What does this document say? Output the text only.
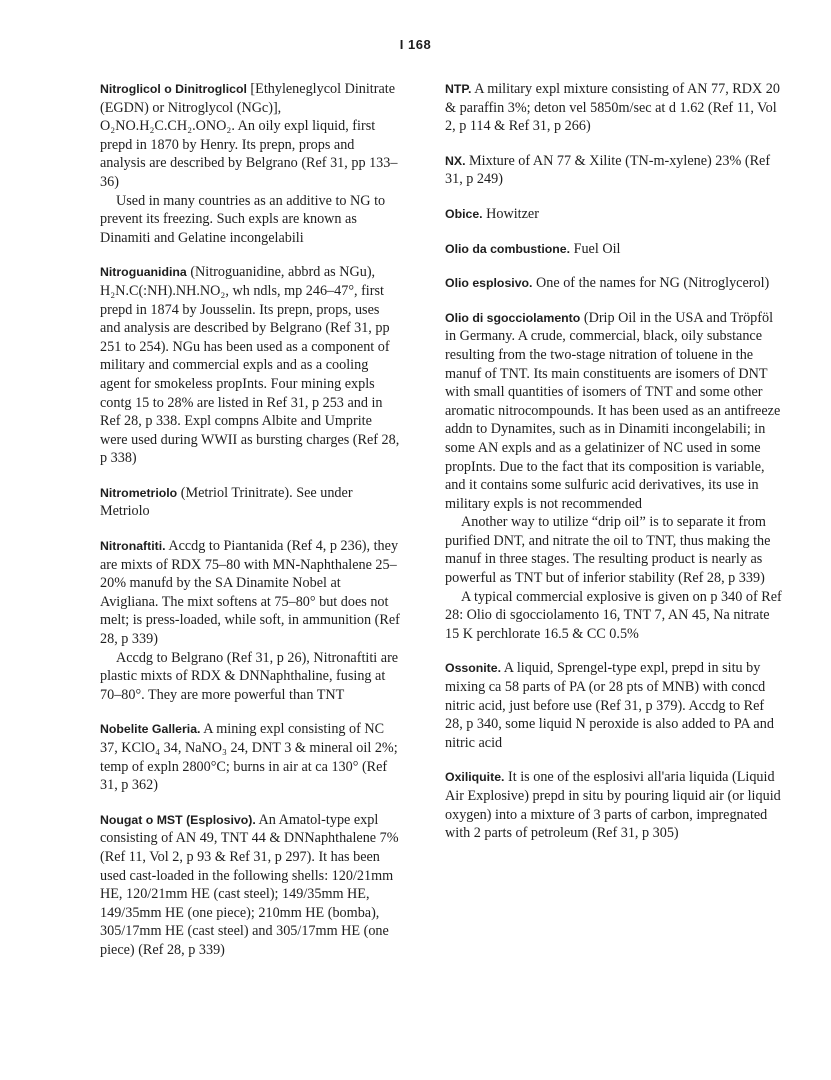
I 168

Nitroglicol o Dinitroglicol [Ethyleneglycol Dinitrate (EGDN) or Nitroglycol (NGc)], O₂NO.H₂C.CH₂.ONO₂. An oily expl liquid, first prepd in 1870 by Henry. Its prepn, props and analysis are described by Belgrano (Ref 31, pp 133–36)

Used in many countries as an additive to NG to prevent its freezing. Such expls are known as Dinamiti and Gelatine incongelabili

Nitroguanidina (Nitroguanidine, abbrd as NGu), H₂N.C(:NH).NH.NO₂, wh ndls, mp 246–47°, first prepd in 1874 by Jousselin. Its prepn, props, uses and analysis are described by Belgrano (Ref 31, pp 251 to 254). NGu has been used as a component of military and commercial expls and as a cooling agent for smokeless propInts. Four mining expls contg 15 to 28% are listed in Ref 31, p 253 and in Ref 28, p 338. Expl compns Albite and Umprite were used during WWII as bursting charges (Ref 28, p 338)

Nitrometriolo (Metriol Trinitrate). See under Metriolo

Nitronaftiti. Accdg to Piantanida (Ref 4, p 236), they are mixts of RDX 75–80 with MN-Naphthalene 25–20% manufd by the SA Dinamite Nobel at Avigliana. The mixt softens at 75–80° but does not melt; is press-loaded, while soft, in ammunition (Ref 28, p 339)

Accdg to Belgrano (Ref 31, p 26), Nitronaftiti are plastic mixts of RDX & DNNaphthaline, fusing at 70–80°. They are more powerful than TNT

Nobelite Galleria. A mining expl consisting of NC 37, KClO₄ 34, NaNO₃ 24, DNT 3 & mineral oil 2%; temp of expln 2800°C; burns in air at ca 130° (Ref 31, p 362)

Nougat o MST (Esplosivo). An Amatol-type expl consisting of AN 49, TNT 44 & DNNaphthalene 7% (Ref 11, Vol 2, p 93 & Ref 31, p 297). It has been used cast-loaded in the following shells: 120/21mm HE, 120/21mm HE (cast steel); 149/35mm HE, 149/35mm HE (one piece); 210mm HE (bomba), 305/17mm HE (cast steel) and 305/17mm HE (one piece) (Ref 28, p 339)

NTP. A military expl mixture consisting of AN 77, RDX 20 & paraffin 3%; deton vel 5850m/sec at d 1.62 (Ref 11, Vol 2, p 114 & Ref 31, p 266)

NX. Mixture of AN 77 & Xilite (TN-m-xylene) 23% (Ref 31, p 249)

Obice. Howitzer

Olio da combustione. Fuel Oil

Olio esplosivo. One of the names for NG (Nitroglycerol)

Olio di sgocciolamento (Drip Oil in the USA and Tröpföl in Germany. A crude, commercial, black, oily substance resulting from the two-stage nitration of toluene in the manuf of TNT. Its main constituents are isomers of DNT with small quantities of isomers of TNT and some other aromatic nitrocompounds. It has been used as an antifreeze addn to Dynamites, such as in Dinamiti incongelabili; in some AN expls and as a gelatinizer of NC used in some propInts. Due to the fact that its composition is variable, and it contains some sulfuric acid derivatives, its use in military expls is not recommended

Another way to utilize “drip oil” is to separate it from purified DNT, and nitrate the oil to TNT, thus making the manuf in three stages. The resulting product is nearly as powerful as TNT but of inferior stability (Ref 28, p 339)

A typical commercial explosive is given on p 340 of Ref 28: Olio di sgocciolamento 16, TNT 7, AN 45, Na nitrate 15 K perchlorate 16.5 & CC 0.5%

Ossonite. A liquid, Sprengel-type expl, prepd in situ by mixing ca 58 parts of PA (or 28 pts of MNB) with concd nitric acid, just before use (Ref 31, p 379). Accdg to Ref 28, p 340, some liquid N peroxide is also added to PA and nitric acid

Oxiliquite. It is one of the esplosivi all'aria liquida (Liquid Air Explosive) prepd in situ by pouring liquid air (or liquid oxygen) into a mixture of 3 parts of carbon, impregnated with 2 parts of petroleum (Ref 31, p 305)
